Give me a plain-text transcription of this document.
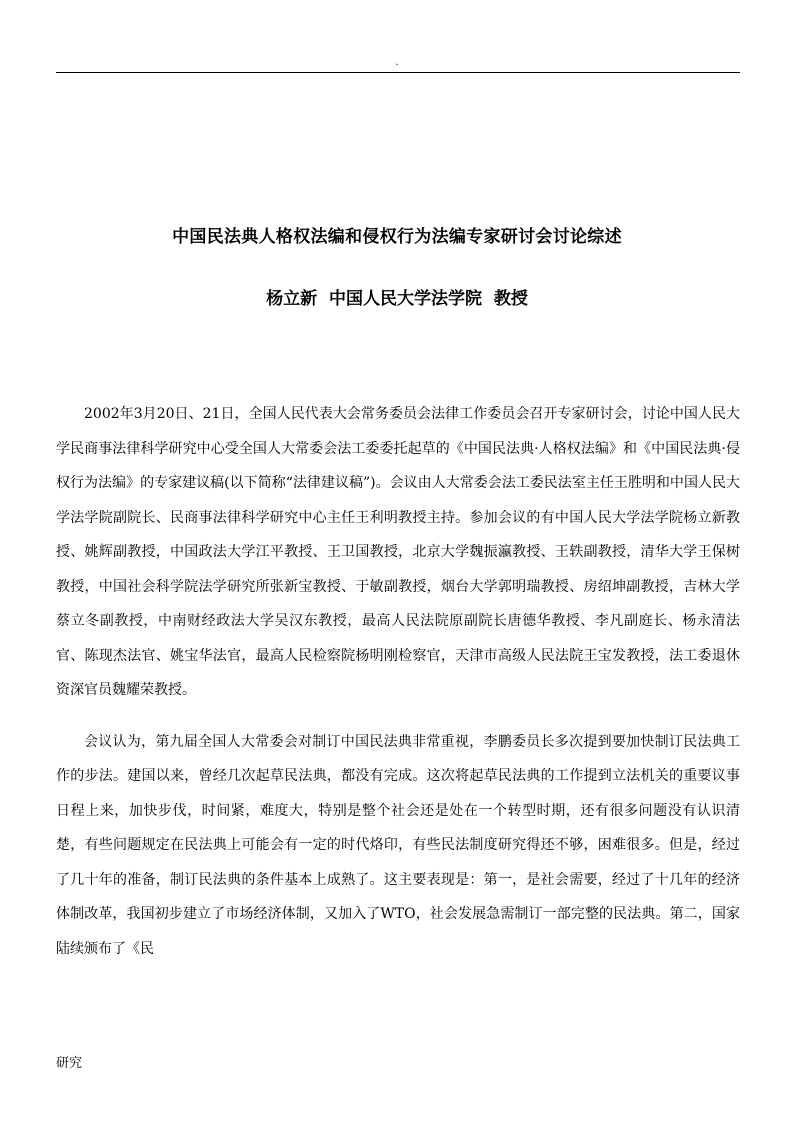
.
中国民法典人格权法编和侵权行为法编专家研讨会讨论综述
杨立新  中国人民大学法学院  教授

2002年3月20日、21日，全国人民代表大会常务委员会法律工作委员会召开专家研讨会，讨论中国人民大学民商事法律科学研究中心受全国人大常委会法工委委托起草的《中国民法典·人格权法编》和《中国民法典·侵权行为法编》的专家建议稿(以下简称“法律建议稿”)。会议由人大常委会法工委民法室主任王胜明和中国人民大学法学院副院长、民商事法律科学研究中心主任王利明教授主持。参加会议的有中国人民大学法学院杨立新教授、姚辉副教授，中国政法大学江平教授、王卫国教授，北京大学魏振瀛教授、王轶副教授，清华大学王保树教授，中国社会科学院法学研究所张新宝教授、于敏副教授，烟台大学郭明瑞教授、房绍坤副教授，吉林大学蔡立冬副教授，中南财经政法大学吴汉东教授，最高人民法院原副院长唐德华教授、李凡副庭长、杨永清法官、陈现杰法官、姚宝华法官，最高人民检察院杨明刚检察官，天津市高级人民法院王宝发教授，法工委退休资深官员魏耀荣教授。

会议认为，第九届全国人大常委会对制订中国民法典非常重视，李鹏委员长多次提到要加快制订民法典工作的步法。建国以来，曾经几次起草民法典，都没有完成。这次将起草民法典的工作提到立法机关的重要议事日程上来，加快步伐，时间紧，难度大，特别是整个社会还是处在一个转型时期，还有很多问题没有认识清楚，有些问题规定在民法典上可能会有一定的时代烙印，有些民法制度研究得还不够，困难很多。但是，经过了几十年的准备，制订民法典的条件基本上成熟了。这主要表现是：第一，是社会需要，经过了十几年的经济体制改革，我国初步建立了市场经济体制，又加入了WTO，社会发展急需制订一部完整的民法典。第二，国家陆续颁布了《民

研究
